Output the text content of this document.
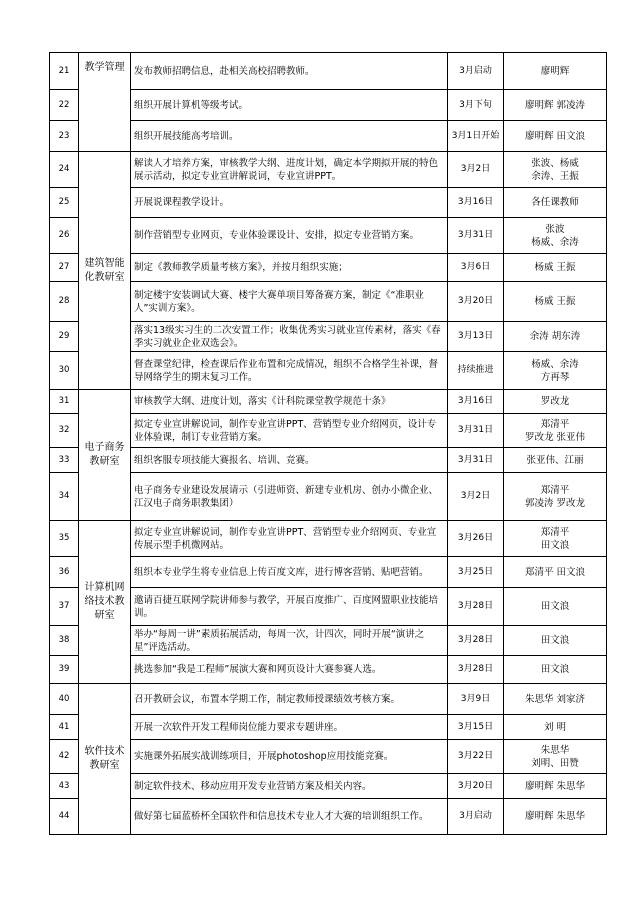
21	教学管理	发布教师招聘信息，赴相关高校招聘教师。	3月启动	廖明辉
22		组织开展计算机等级考试。	3月下旬	廖明辉 郭凌涛
23		组织开展技能高考培训。	3月1日开始	廖明辉 田文浪
24	建筑智能化教研室	解读人才培养方案，审核教学大纲、进度计划，确定本学期拟开展的特色展示活动，拟定专业宣讲解说词，专业宣讲PPT。	3月2日	张波、杨威
余涛、王振
25		开展说课程教学设计。	3月16日	各任课教师
26		制作营销型专业网页，专业体验课设计、安排，拟定专业营销方案。	3月31日	张波
杨威、余涛
27		制定《教师教学质量考核方案》，并按月组织实施；	3月6日	杨威 王振
28		制定楼宇安装调试大赛、楼宇大赛单项目筹备赛方案，制定《“准职业人”实训方案》。	3月20日	杨威 王振
29		落实13级实习生的二次安置工作；收集优秀实习就业宣传素材，落实《春季实习就业企业双选会》。	3月13日	余涛 胡东涛
30		督查课堂纪律，检查课后作业布置和完成情况，组织不合格学生补课，督导网络学生的期末复习工作。	持续推进	杨威、余涛
方再琴
31	电子商务教研室	审核教学大纲、进度计划，落实《计科院课堂教学规范十条》	3月16日	罗改龙
32		拟定专业宣讲解说词，制作专业宣讲PPT、营销型专业介绍网页，设计专业体验课，制订专业营销方案。	3月31日	郑清平
罗改龙 张亚伟
33		组织客服专项技能大赛报名、培训、竞赛。	3月31日	张亚伟、江丽
34		电子商务专业建设发展请示（引进师资、新建专业机房、创办小微企业、江汉电子商务职教集团）	3月2日	郑清平
郭凌涛 罗改龙
35	计算机网络技术教研室	拟定专业宣讲解说词，制作专业宣讲PPT、营销型专业介绍网页、专业宣传展示型手机微网站。	3月26日	郑清平
田文浪
36		组织本专业学生将专业信息上传百度文库，进行博客营销、贴吧营销。	3月25日	郑清平 田文浪
37		邀请百捷互联网学院讲师参与教学，开展百度推广、百度网盟职业技能培训。	3月28日	田文浪
38		举办“每周一讲”素质拓展活动，每周一次，计四次，同时开展“演讲之星”评选活动。	3月28日	田文浪
39		挑选参加“我是工程师”展演大赛和网页设计大赛参赛人选。	3月28日	田文浪
40	软件技术教研室	召开教研会议，布置本学期工作，制定教师授课绩效考核方案。	3月9日	朱思华 刘家济
41		开展一次软件开发工程师岗位能力要求专题讲座。	3月15日	刘 明
42		实施课外拓展实战训练项目，开展photoshop应用技能竞赛。	3月22日	朱思华
刘明、田赞
43		制定软件技术、移动应用开发专业营销方案及相关内容。	3月20日	廖明辉 朱思华
44		做好第七届蓝桥杯全国软件和信息技术专业人才大赛的培训组织工作。	3月启动	廖明辉 朱思华
